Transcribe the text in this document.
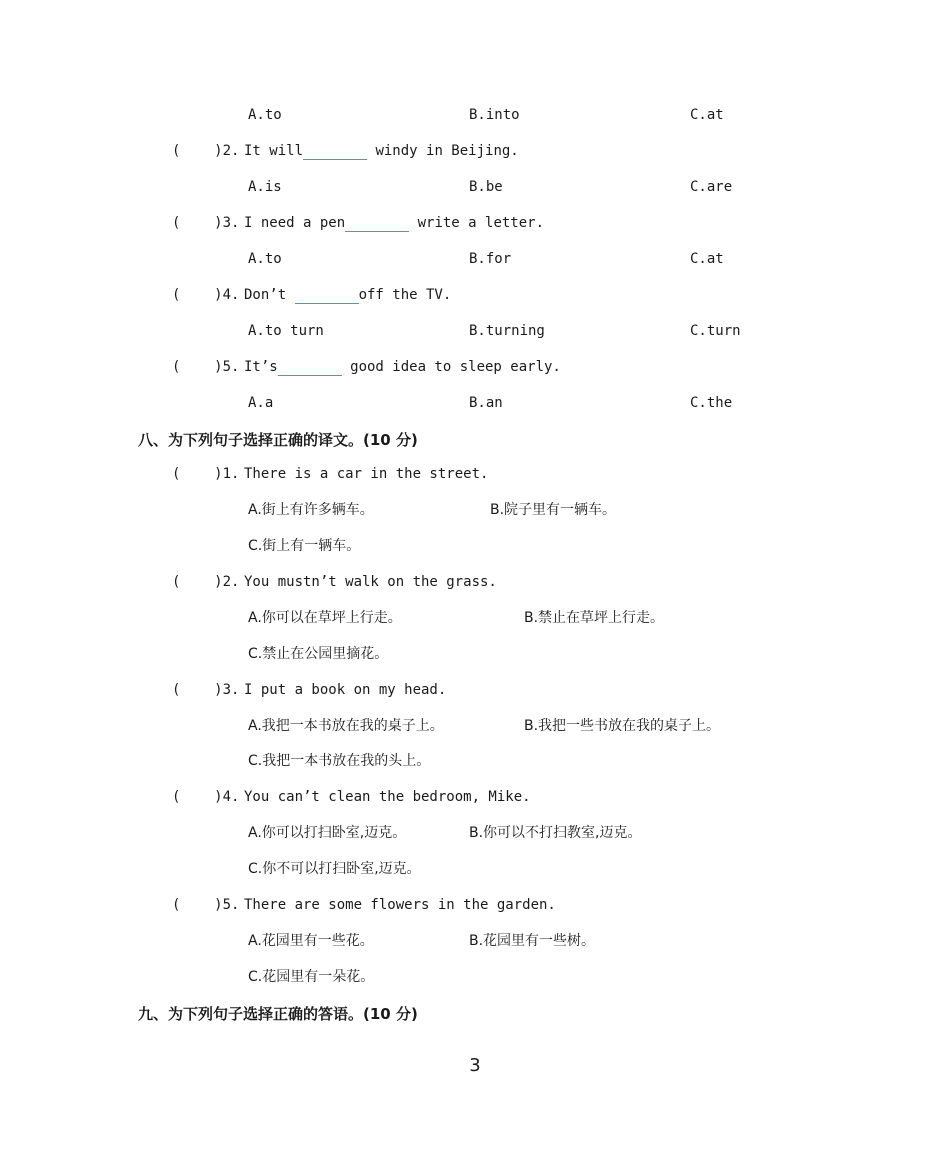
A.to	B.into	C.at
(    )2. It will	windy in Beijing.
A.is	B.be	C.are
(    )3. I need a pen	write a letter.
A.to	B.for	C.at
(    )4. Don’t	off the TV.
A.to turn	B.turning	C.turn
(    )5. It’s	good idea to sleep early.
A.a	B.an	C.the
八、为下列句子选择正确的译文。(10 分)
(    )1. There is a car in the street.
A.街上有许多辆车。	B.院子里有一辆车。
C.街上有一辆车。
(    )2. You mustn’t walk on the grass.
A.你可以在草坪上行走。	B.禁止在草坪上行走。
C.禁止在公园里摘花。
(    )3. I put a book on my head.
A.我把一本书放在我的桌子上。	B.我把一些书放在我的桌子上。
C.我把一本书放在我的头上。
(    )4. You can’t clean the bedroom, Mike.
A.你可以打扫卧室,迈克。	B.你可以不打扫教室,迈克。
C.你不可以打扫卧室,迈克。
(    )5. There are some flowers in the garden.
A.花园里有一些花。	B.花园里有一些树。
C.花园里有一朵花。
九、为下列句子选择正确的答语。(10 分)
3
